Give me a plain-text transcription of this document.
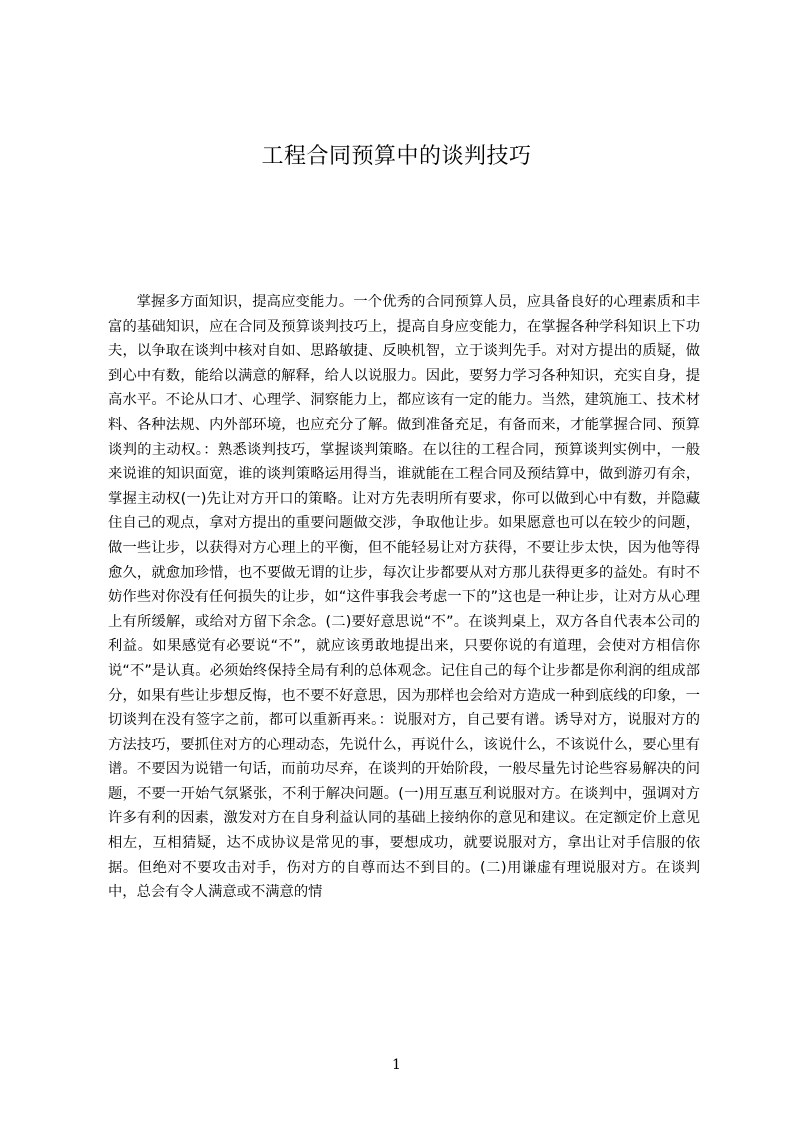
工程合同预算中的谈判技巧

掌握多方面知识，提高应变能力。一个优秀的合同预算人员，应具备良好的心理素质和丰富的基础知识，应在合同及预算谈判技巧上，提高自身应变能力，在掌握各种学科知识上下功夫，以争取在谈判中核对自如、思路敏捷、反映机智，立于谈判先手。对对方提出的质疑，做到心中有数，能给以满意的解释，给人以说服力。因此，要努力学习各种知识，充实自身，提高水平。不论从口才、心理学、洞察能力上，都应该有一定的能力。当然，建筑施工、技术材料、各种法规、内外部环境，也应充分了解。做到准备充足，有备而来，才能掌握合同、预算谈判的主动权。：熟悉谈判技巧，掌握谈判策略。在以往的工程合同，预算谈判实例中，一般来说谁的知识面宽，谁的谈判策略运用得当，谁就能在工程合同及预结算中，做到游刃有余，掌握主动权(一)先让对方开口的策略。让对方先表明所有要求，你可以做到心中有数，并隐藏住自己的观点，拿对方提出的重要问题做交涉，争取他让步。如果愿意也可以在较少的问题，做一些让步，以获得对方心理上的平衡，但不能轻易让对方获得，不要让步太快，因为他等得愈久，就愈加珍惜，也不要做无谓的让步，每次让步都要从对方那儿获得更多的益处。有时不妨作些对你没有任何损失的让步，如“这件事我会考虑一下的”这也是一种让步，让对方从心理上有所缓解，或给对方留下余念。(二)要好意思说“不”。在谈判桌上，双方各自代表本公司的利益。如果感觉有必要说“不”，就应该勇敢地提出来，只要你说的有道理，会使对方相信你说“不”是认真。必须始终保持全局有利的总体观念。记住自己的每个让步都是你利润的组成部分，如果有些让步想反悔，也不要不好意思，因为那样也会给对方造成一种到底线的印象，一切谈判在没有签字之前，都可以重新再来。：说服对方，自己要有谱。诱导对方，说服对方的方法技巧，要抓住对方的心理动态，先说什么，再说什么，该说什么，不该说什么，要心里有谱。不要因为说错一句话，而前功尽弃，在谈判的开始阶段，一般尽量先讨论些容易解决的问题，不要一开始气氛紧张，不利于解决问题。(一)用互惠互利说服对方。在谈判中，强调对方许多有利的因素，激发对方在自身利益认同的基础上接纳你的意见和建议。在定额定价上意见相左，互相猜疑，达不成协议是常见的事，要想成功，就要说服对方，拿出让对手信服的依据。但绝对不要攻击对手，伤对方的自尊而达不到目的。(二)用谦虚有理说服对方。在谈判中，总会有令人满意或不满意的情

1
